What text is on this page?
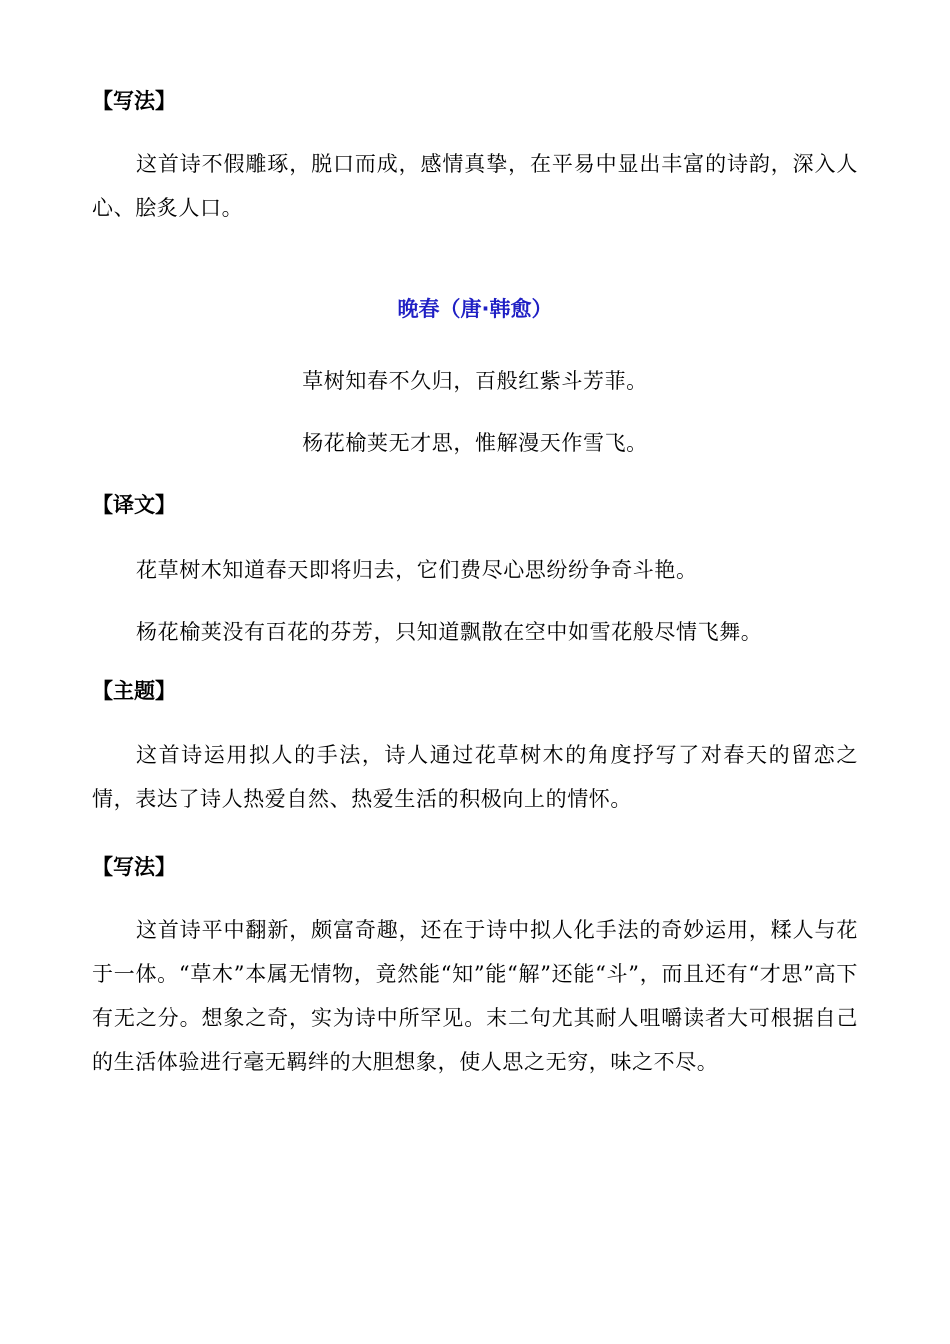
【写法】
这首诗不假雕琢，脱口而成，感情真挚，在平易中显出丰富的诗韵，深入人心、脍炙人口。
晚春（唐·韩愈）
草树知春不久归，百般红紫斗芳菲。
杨花榆荚无才思，惟解漫天作雪飞。
【译文】
花草树木知道春天即将归去，它们费尽心思纷纷争奇斗艳。
杨花榆荚没有百花的芬芳，只知道飘散在空中如雪花般尽情飞舞。
【主题】
这首诗运用拟人的手法，诗人通过花草树木的角度抒写了对春天的留恋之情，表达了诗人热爱自然、热爱生活的积极向上的情怀。
【写法】
这首诗平中翻新，颇富奇趣，还在于诗中拟人化手法的奇妙运用，糅人与花于一体。“草木”本属无情物，竟然能“知”能“解”还能“斗”，而且还有“才思”高下有无之分。想象之奇，实为诗中所罕见。末二句尤其耐人咀嚼读者大可根据自己的生活体验进行毫无羁绊的大胆想象，使人思之无穷，味之不尽。
